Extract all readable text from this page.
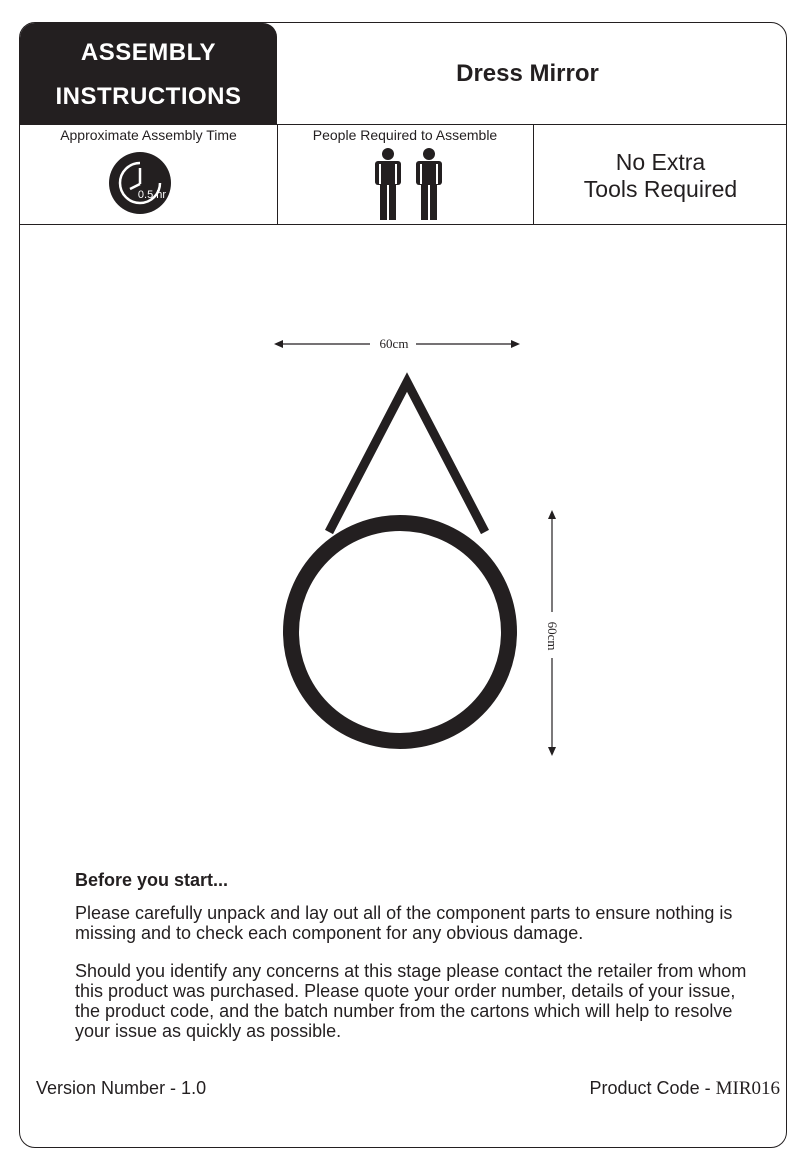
ASSEMBLY
INSTRUCTIONS
Dress Mirror
Approximate Assembly Time
0.5 hr
People Required to Assemble
No Extra
Tools Required
60cm
60cm
Before you start...

Please carefully unpack and lay out all of the component parts to ensure nothing is missing and to check each component for any obvious damage.

Should you identify any concerns at this stage please contact the retailer from whom this product was purchased. Please quote your order number, details of your issue, the product code, and the batch number from the cartons which will help to resolve your issue as quickly as possible.

Version Number - 1.0	Product Code - MIR016
